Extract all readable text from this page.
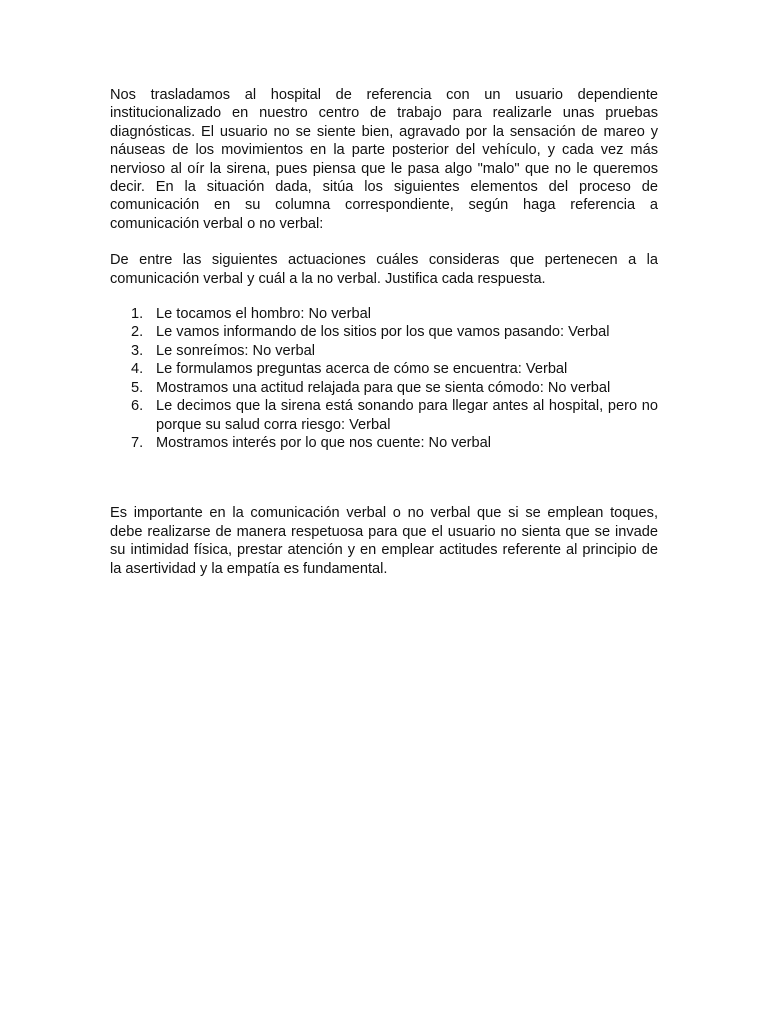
Nos trasladamos al hospital de referencia con un usuario dependiente institucionalizado en nuestro centro de trabajo para realizarle unas pruebas diagnósticas. El usuario no se siente bien, agravado por la sensación de mareo y náuseas de los movimientos en la parte posterior del vehículo, y cada vez más nervioso al oír la sirena, pues piensa que le pasa algo "malo" que no le queremos decir. En la situación dada, sitúa los siguientes elementos del proceso de comunicación en su columna correspondiente, según haga referencia a comunicación verbal o no verbal:

De entre las siguientes actuaciones cuáles consideras que pertenecen a la comunicación verbal y cuál a la no verbal. Justifica cada respuesta.

1. Le tocamos el hombro: No verbal
2. Le vamos informando de los sitios por los que vamos pasando: Verbal
3. Le sonreímos: No verbal
4. Le formulamos preguntas acerca de cómo se encuentra: Verbal
5. Mostramos una actitud relajada para que se sienta cómodo: No verbal
6. Le decimos que la sirena está sonando para llegar antes al hospital, pero no porque su salud corra riesgo: Verbal
7. Mostramos interés por lo que nos cuente: No verbal

Es importante en la comunicación verbal o no verbal que si se emplean toques, debe realizarse de manera respetuosa para que el usuario no sienta que se invade su intimidad física, prestar atención y en emplear actitudes referente al principio de la asertividad y la empatía es fundamental.
